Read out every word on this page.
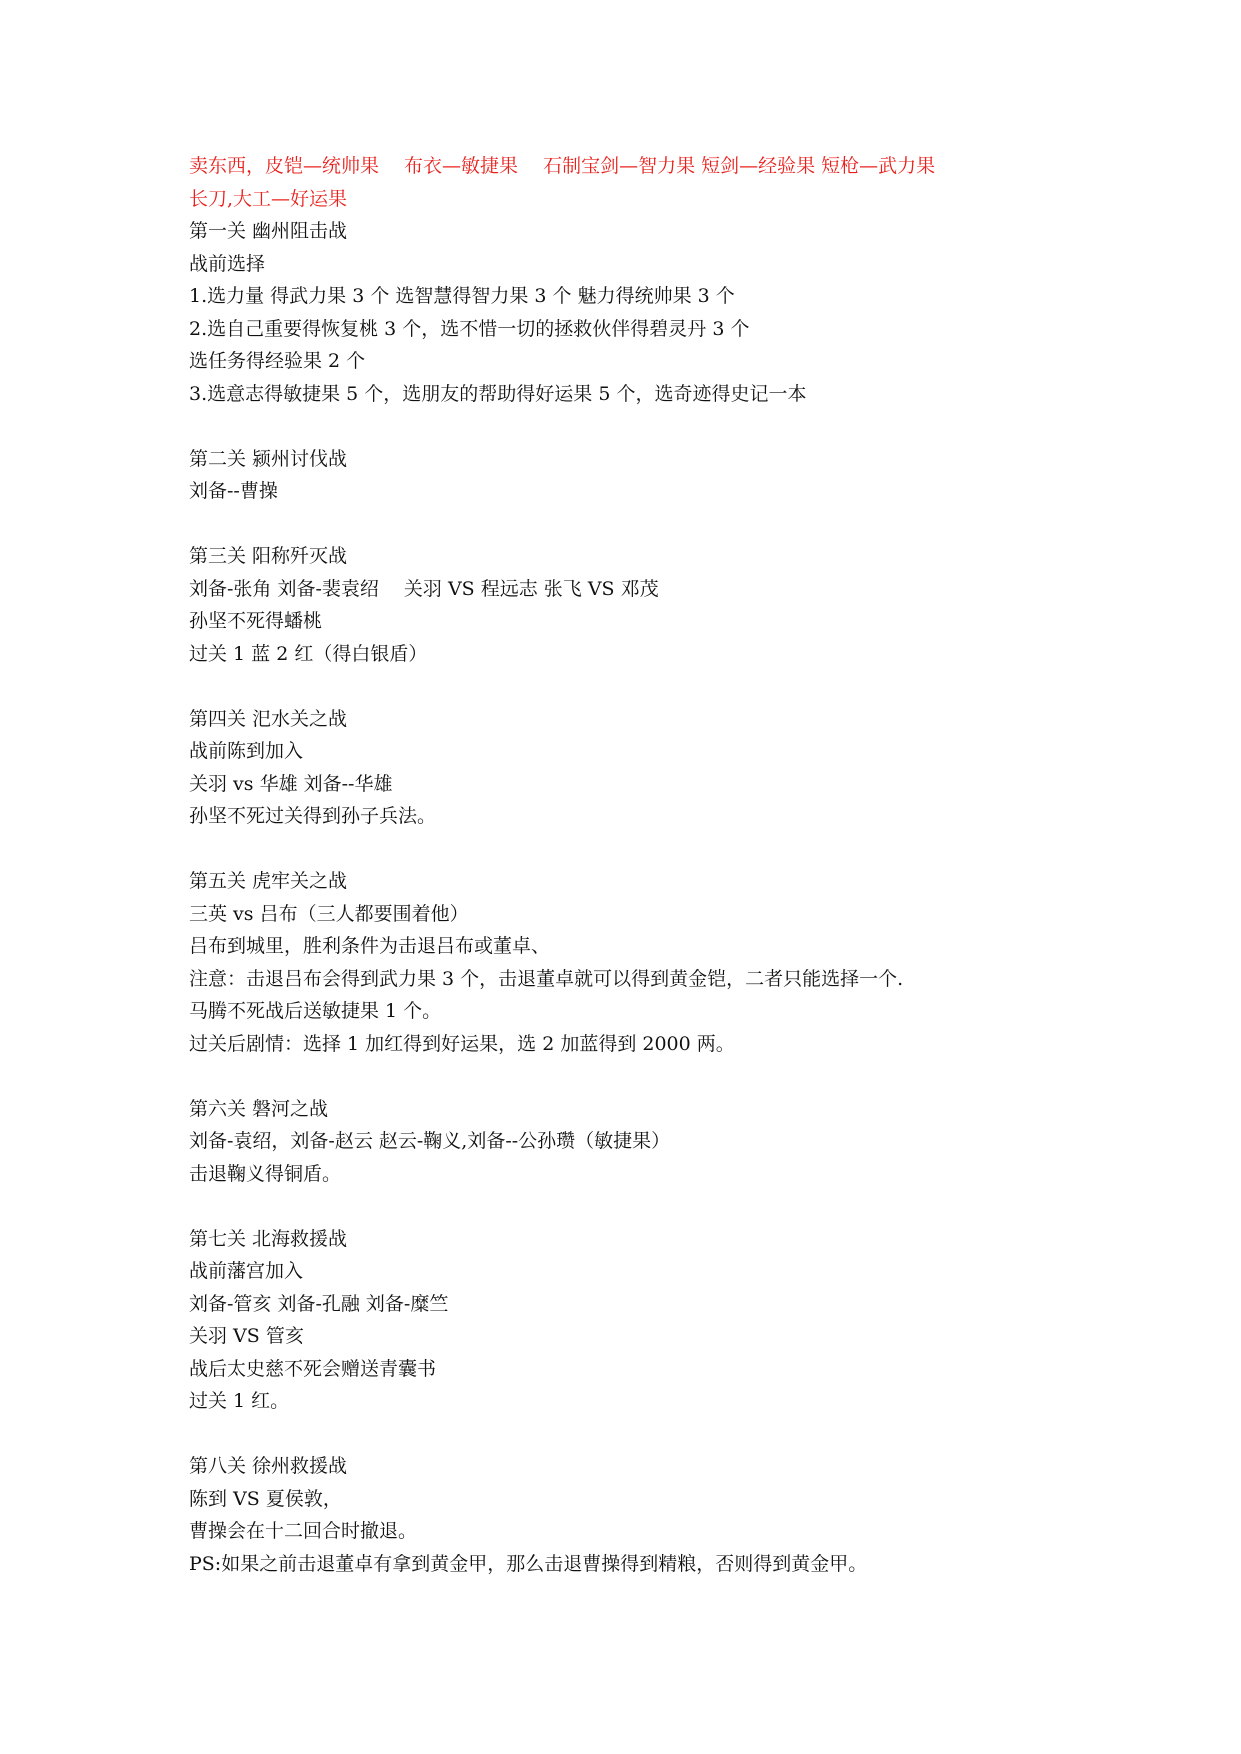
卖东西，皮铠—统帅果　 布衣—敏捷果　 石制宝剑—智力果 短剑—经验果 短枪—武力果
长刀,大工—好运果
第一关 幽州阻击战
战前选择
1.选力量 得武力果 3 个 选智慧得智力果 3 个 魅力得统帅果 3 个
2.选自己重要得恢复桃 3 个，选不惜一切的拯救伙伴得碧灵丹 3 个
选任务得经验果 2 个
3.选意志得敏捷果 5 个，选朋友的帮助得好运果 5 个，选奇迹得史记一本
第二关 颍州讨伐战
刘备--曹操
第三关 阳称歼灭战
刘备-张角 刘备-裴袁绍　 关羽 VS 程远志 张飞 VS 邓茂
孙坚不死得蟠桃
过关 1 蓝 2 红（得白银盾）
第四关 汜水关之战
战前陈到加入
关羽 vs 华雄 刘备--华雄
孙坚不死过关得到孙子兵法。
第五关 虎牢关之战
三英 vs 吕布（三人都要围着他）
吕布到城里，胜利条件为击退吕布或董卓、
注意：击退吕布会得到武力果 3 个，击退董卓就可以得到黄金铠，二者只能选择一个.
马腾不死战后送敏捷果 1 个。
过关后剧情：选择 1 加红得到好运果，选 2 加蓝得到 2000 两。
第六关 磐河之战
刘备-袁绍，刘备-赵云 赵云-鞠义,刘备--公孙瓒（敏捷果）
击退鞠义得铜盾。
第七关 北海救援战
战前藩宫加入
刘备-管亥 刘备-孔融 刘备-糜竺
关羽 VS 管亥
战后太史慈不死会赠送青囊书
过关 1 红。
第八关 徐州救援战
陈到 VS 夏侯敦，
曹操会在十二回合时撤退。
PS:如果之前击退董卓有拿到黄金甲，那么击退曹操得到精粮，否则得到黄金甲。
